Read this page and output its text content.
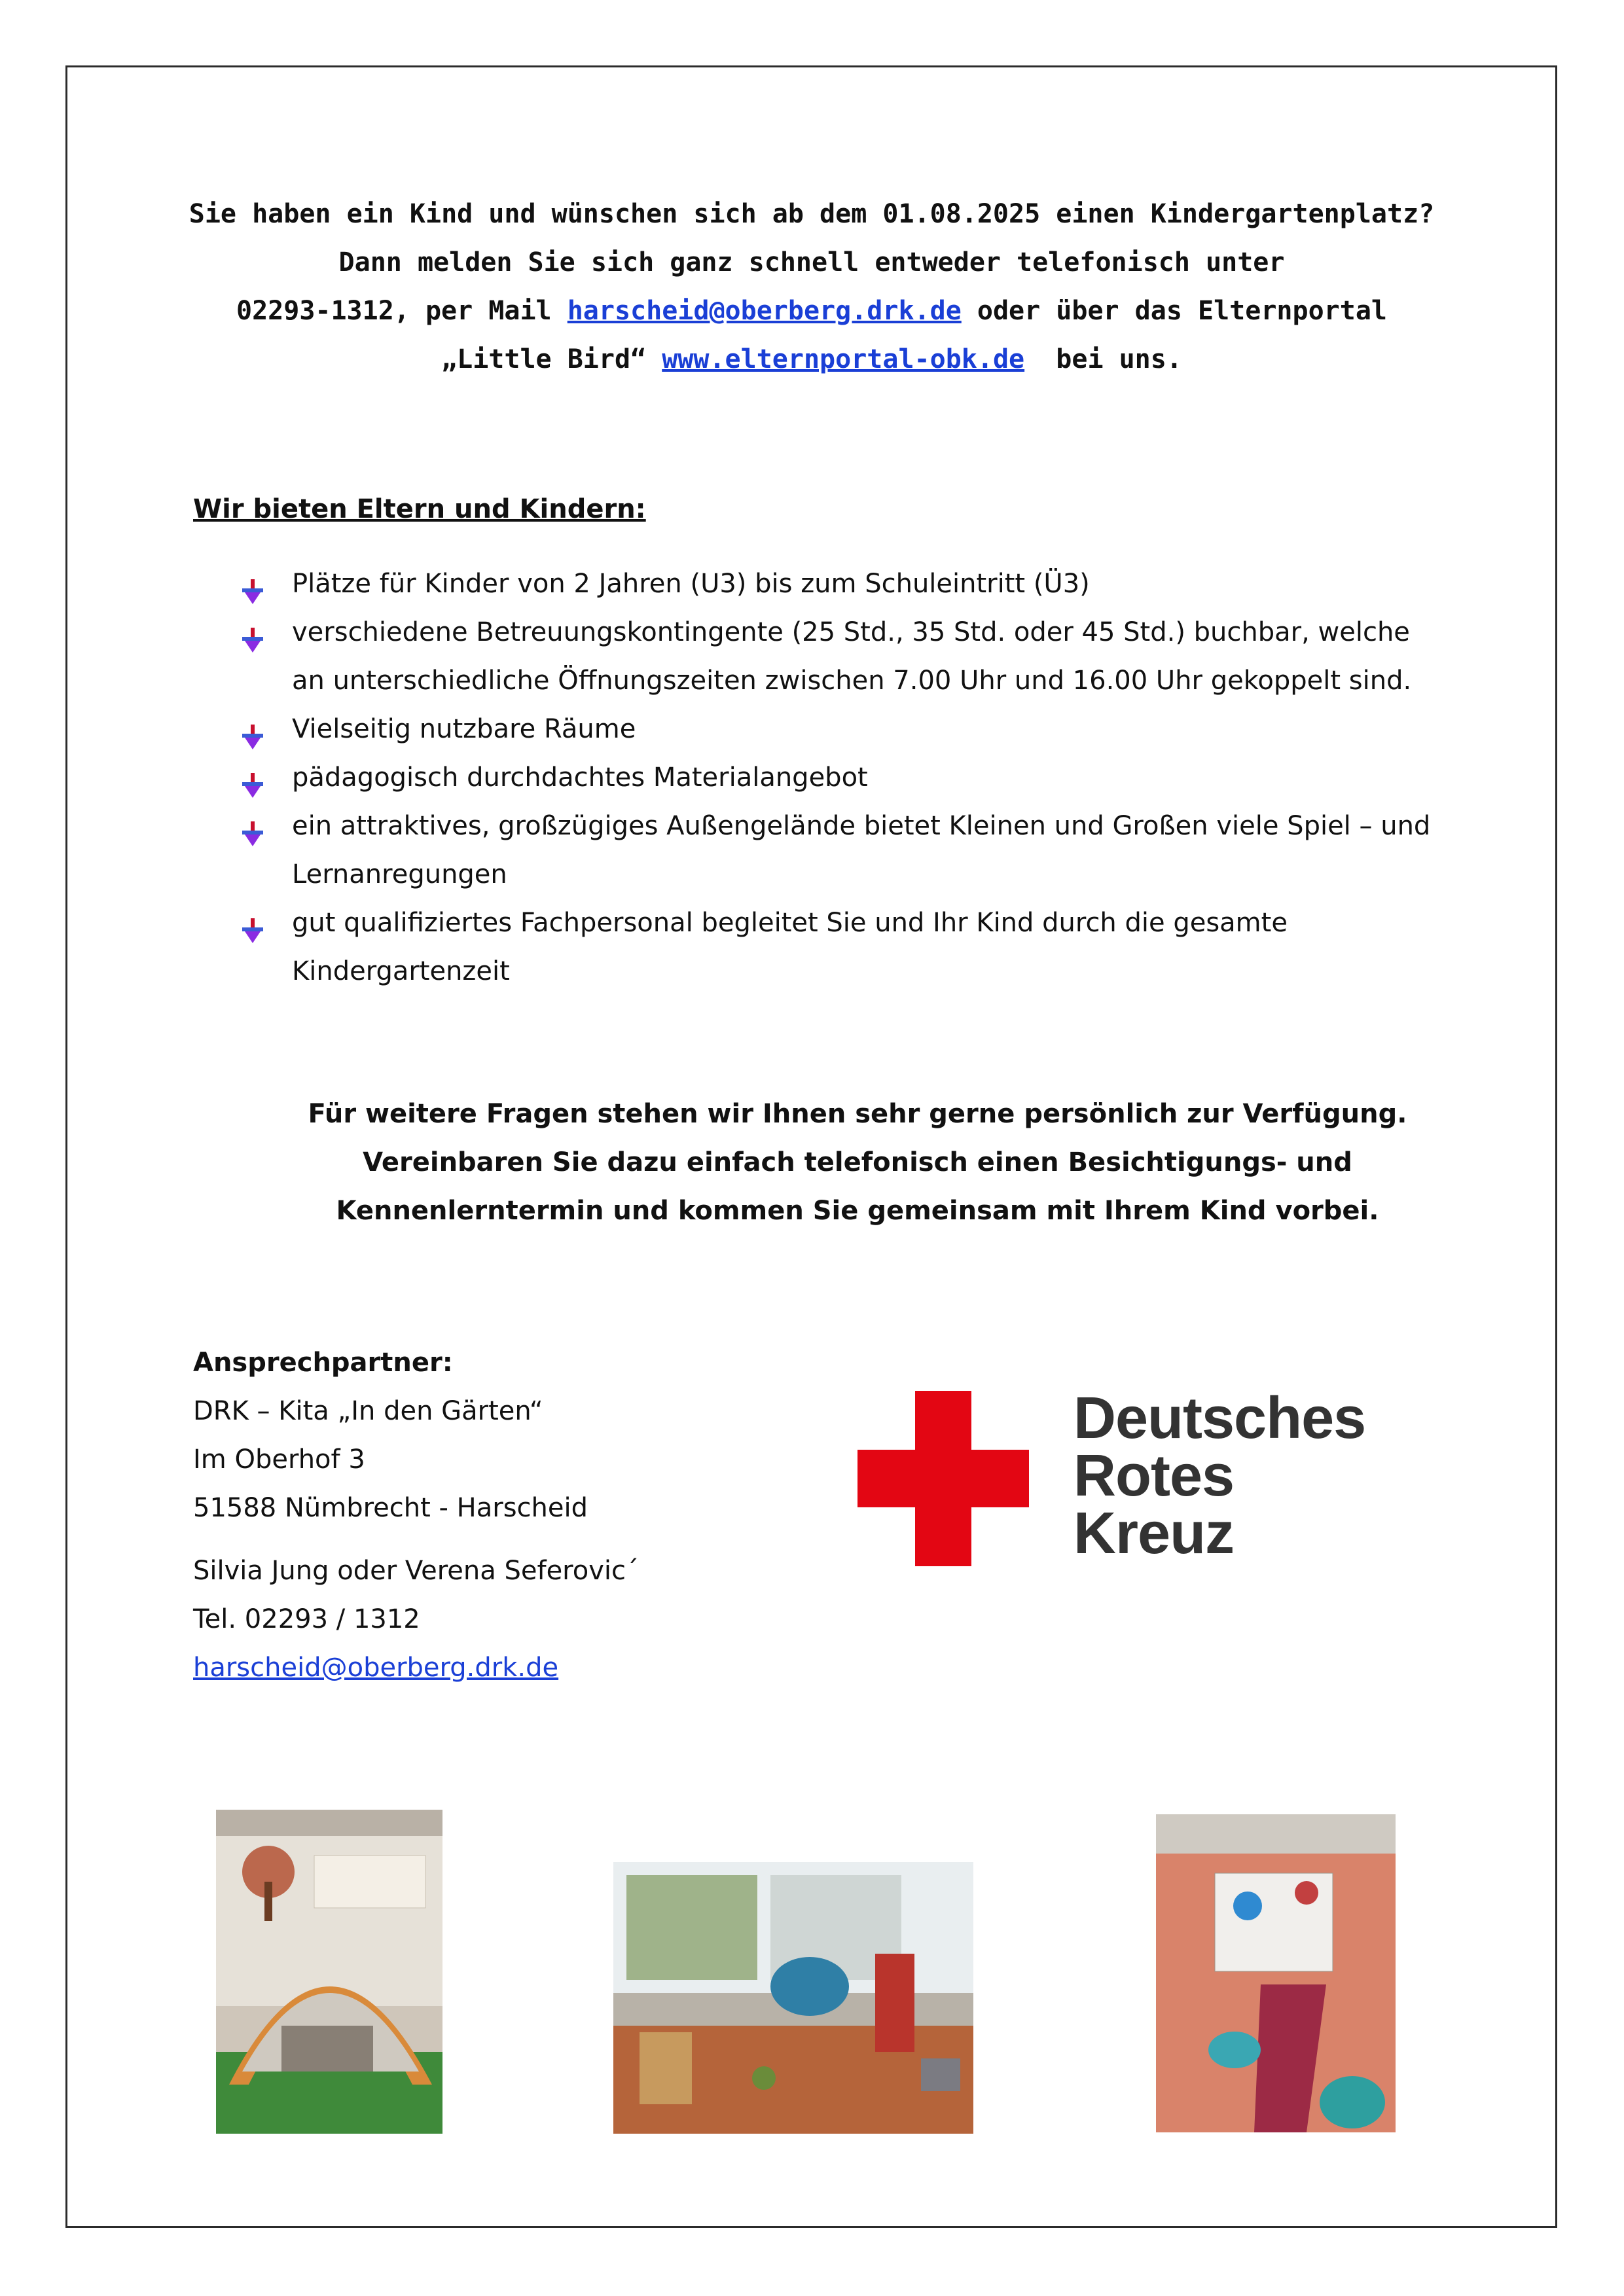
Sie haben ein Kind und wünschen sich ab dem 01.08.2025 einen Kindergartenplatz?
Dann melden Sie sich ganz schnell entweder telefonisch unter
02293-1312, per Mail harscheid@oberberg.drk.de oder über das Elternportal
„Little Bird“ www.elternportal-obk.de  bei uns.
Wir bieten Eltern und Kindern:
Plätze für Kinder von 2 Jahren (U3) bis zum Schuleintritt (Ü3)
verschiedene Betreuungskontingente (25 Std., 35 Std. oder 45 Std.) buchbar, welche an unterschiedliche Öffnungszeiten zwischen 7.00 Uhr und 16.00 Uhr gekoppelt sind.
Vielseitig nutzbare Räume
pädagogisch durchdachtes Materialangebot
ein attraktives, großzügiges Außengelände bietet Kleinen und Großen viele Spiel – und Lernanregungen
gut qualifiziertes Fachpersonal begleitet Sie und Ihr Kind durch die gesamte Kindergartenzeit
Für weitere Fragen stehen wir Ihnen sehr gerne persönlich zur Verfügung.
Vereinbaren Sie dazu einfach telefonisch einen Besichtigungs- und
Kennenlerntermin und kommen Sie gemeinsam mit Ihrem Kind vorbei.
Ansprechpartner:
DRK – Kita „In den Gärten“
Im Oberhof 3
51588 Nümbrecht - Harscheid
Silvia Jung oder Verena Seferovic´
Tel. 02293 / 1312
harscheid@oberberg.drk.de
Deutsches
Rotes
Kreuz
